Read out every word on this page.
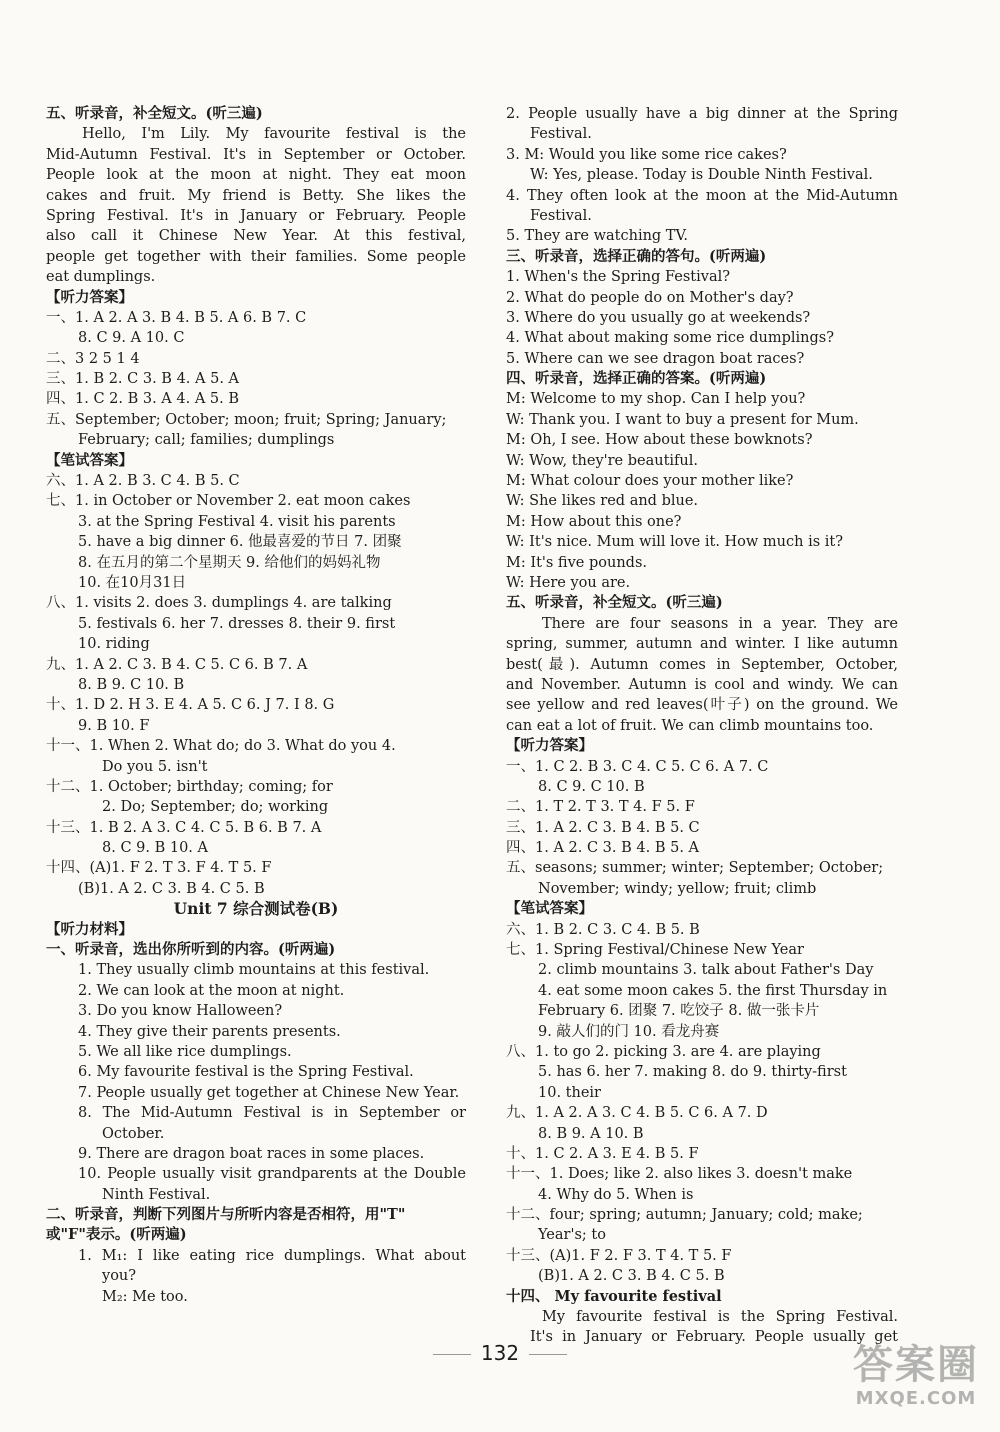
五、听录音，补全短文。(听三遍)
Hello, I'm Lily. My favourite festival is the
Mid-Autumn Festival. It's in September or October.
People look at the moon at night. They eat moon
cakes and fruit. My friend is Betty. She likes the
Spring Festival. It's in January or February. People
also call it Chinese New Year. At this festival,
people get together with their families. Some people
eat dumplings.
【听力答案】
一、1. A 2. A 3. B 4. B 5. A 6. B 7. C
8. C 9. A 10. C
二、3 2 5 1 4
三、1. B 2. C 3. B 4. A 5. A
四、1. C 2. B 3. A 4. A 5. B
五、September; October; moon; fruit; Spring; January;
February; call; families; dumplings
【笔试答案】
六、1. A 2. B 3. C 4. B 5. C
七、1. in October or November 2. eat moon cakes
3. at the Spring Festival 4. visit his parents
5. have a big dinner 6. 他最喜爱的节日 7. 团聚
8. 在五月的第二个星期天 9. 给他们的妈妈礼物
10. 在10月31日
八、1. visits 2. does 3. dumplings 4. are talking
5. festivals 6. her 7. dresses 8. their 9. first
10. riding
九、1. A 2. C 3. B 4. C 5. C 6. B 7. A
8. B 9. C 10. B
十、1. D 2. H 3. E 4. A 5. C 6. J 7. I 8. G
9. B 10. F
十一、1. When 2. What do; do 3. What do you 4.
Do you 5. isn't
十二、1. October; birthday; coming; for
2. Do; September; do; working
十三、1. B 2. A 3. C 4. C 5. B 6. B 7. A
8. C 9. B 10. A
十四、(A)1. F 2. T 3. F 4. T 5. F
(B)1. A 2. C 3. B 4. C 5. B
Unit 7 综合测试卷(B)
【听力材料】
一、听录音，选出你所听到的内容。(听两遍)
1. They usually climb mountains at this festival.
2. We can look at the moon at night.
3. Do you know Halloween?
4. They give their parents presents.
5. We all like rice dumplings.
6. My favourite festival is the Spring Festival.
7. People usually get together at Chinese New Year.
8. The Mid-Autumn Festival is in September or
October.
9. There are dragon boat races in some places.
10. People usually visit grandparents at the Double
Ninth Festival.
二、听录音，判断下列图片与所听内容是否相符，用"T"
或"F"表示。(听两遍)
1. M₁: I like eating rice dumplings. What about
you?
M₂: Me too.
2. People usually have a big dinner at the Spring
Festival.
3. M: Would you like some rice cakes?
W: Yes, please. Today is Double Ninth Festival.
4. They often look at the moon at the Mid-Autumn
Festival.
5. They are watching TV.
三、听录音，选择正确的答句。(听两遍)
1. When's the Spring Festival?
2. What do people do on Mother's day?
3. Where do you usually go at weekends?
4. What about making some rice dumplings?
5. Where can we see dragon boat races?
四、听录音，选择正确的答案。(听两遍)
M: Welcome to my shop. Can I help you?
W: Thank you. I want to buy a present for Mum.
M: Oh, I see. How about these bowknots?
W: Wow, they're beautiful.
M: What colour does your mother like?
W: She likes red and blue.
M: How about this one?
W: It's nice. Mum will love it. How much is it?
M: It's five pounds.
W: Here you are.
五、听录音，补全短文。(听三遍)
There are four seasons in a year. They are
spring, summer, autumn and winter. I like autumn
best(最). Autumn comes in September, October,
and November. Autumn is cool and windy. We can
see yellow and red leaves(叶子) on the ground. We
can eat a lot of fruit. We can climb mountains too.
【听力答案】
一、1. C 2. B 3. C 4. C 5. C 6. A 7. C
8. C 9. C 10. B
二、1. T 2. T 3. T 4. F 5. F
三、1. A 2. C 3. B 4. B 5. C
四、1. A 2. C 3. B 4. B 5. A
五、seasons; summer; winter; September; October;
November; windy; yellow; fruit; climb
【笔试答案】
六、1. B 2. C 3. C 4. B 5. B
七、1. Spring Festival/Chinese New Year
2. climb mountains 3. talk about Father's Day
4. eat some moon cakes 5. the first Thursday in
February 6. 团聚 7. 吃饺子 8. 做一张卡片
9. 敲人们的门 10. 看龙舟赛
八、1. to go 2. picking 3. are 4. are playing
5. has 6. her 7. making 8. do 9. thirty-first
10. their
九、1. A 2. A 3. C 4. B 5. C 6. A 7. D
8. B 9. A 10. B
十、1. C 2. A 3. E 4. B 5. F
十一、1. Does; like 2. also likes 3. doesn't make
4. Why do 5. When is
十二、four; spring; autumn; January; cold; make;
Year's; to
十三、(A)1. F 2. F 3. T 4. T 5. F
(B)1. A 2. C 3. B 4. C 5. B
十四、 My favourite festival
My favourite festival is the Spring Festival.
It's in January or February. People usually get
132	答案圈
MXQE.COM
